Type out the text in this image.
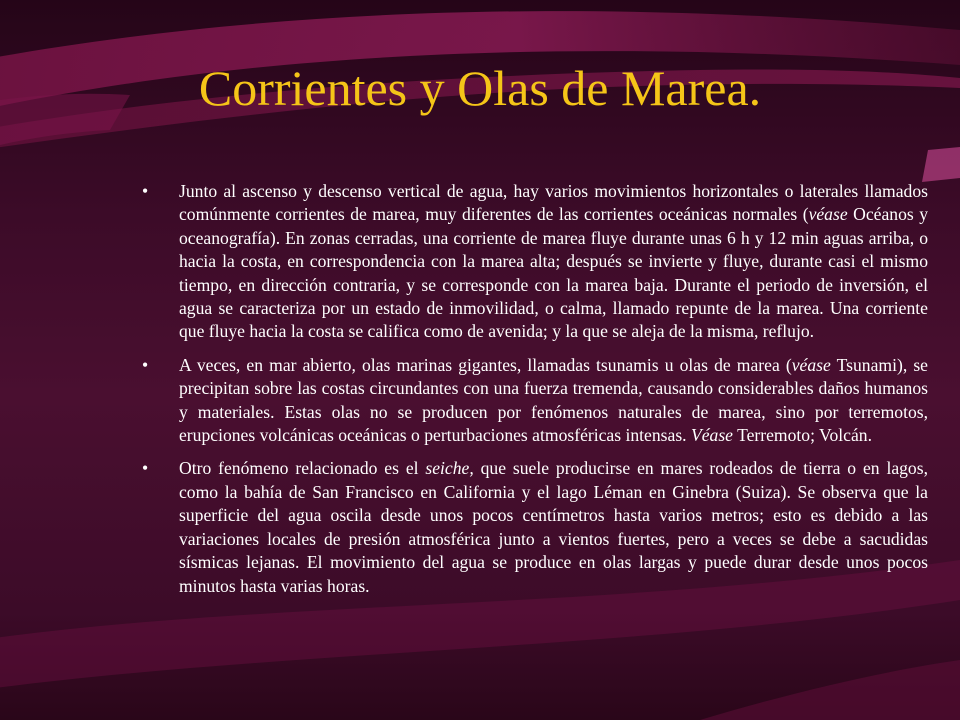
Corrientes y Olas de Marea.
• Junto al ascenso y descenso vertical de agua, hay varios movimientos horizontales o laterales llamados comúnmente corrientes de marea, muy diferentes de las corrientes oceánicas normales (véase Océanos y oceanografía). En zonas cerradas, una corriente de marea fluye durante unas 6 h y 12 min aguas arriba, o hacia la costa, en correspondencia con la marea alta; después se invierte y fluye, durante casi el mismo tiempo, en dirección contraria, y se corresponde con la marea baja. Durante el periodo de inversión, el agua se caracteriza por un estado de inmovilidad, o calma, llamado repunte de la marea. Una corriente que fluye hacia la costa se califica como de avenida; y la que se aleja de la misma, reflujo.
• A veces, en mar abierto, olas marinas gigantes, llamadas tsunamis u olas de marea (véase Tsunami), se precipitan sobre las costas circundantes con una fuerza tremenda, causando considerables daños humanos y materiales. Estas olas no se producen por fenómenos naturales de marea, sino por terremotos, erupciones volcánicas oceánicas o perturbaciones atmosféricas intensas. Véase Terremoto; Volcán.
• Otro fenómeno relacionado es el seiche, que suele producirse en mares rodeados de tierra o en lagos, como la bahía de San Francisco en California y el lago Léman en Ginebra (Suiza). Se observa que la superficie del agua oscila desde unos pocos centímetros hasta varios metros; esto es debido a las variaciones locales de presión atmosférica junto a vientos fuertes, pero a veces se debe a sacudidas sísmicas lejanas. El movimiento del agua se produce en olas largas y puede durar desde unos pocos minutos hasta varias horas.
